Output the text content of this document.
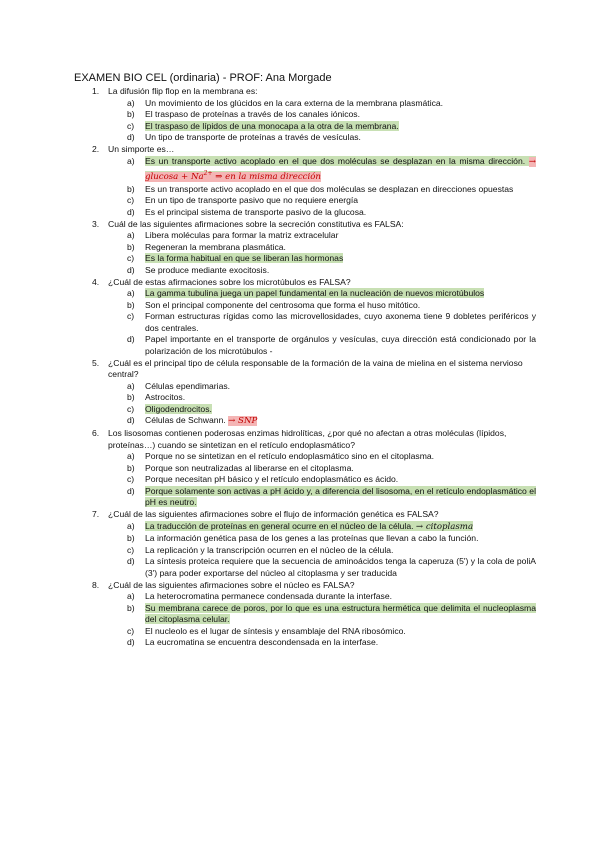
EXAMEN BIO CEL (ordinaria) - PROF: Ana Morgade
1. La difusión flip flop en la membrana es:
a) Un movimiento de los glúcidos en la cara externa de la membrana plasmática.
b) El traspaso de proteínas a través de los canales iónicos.
c) El traspaso de lípidos de una monocapa a la otra de la membrana.
d) Un tipo de transporte de proteínas a través de vesículas.
2. Un simporte es…
a) Es un transporte activo acoplado en el que dos moléculas se desplazan en la misma dirección. → $glucosa + Na^{2+}$ ⇒ en la misma dirección
b) Es un transporte activo acoplado en el que dos moléculas se desplazan en direcciones opuestas
c) En un tipo de transporte pasivo que no requiere energía
d) Es el principal sistema de transporte pasivo de la glucosa.
3. Cuál de las siguientes afirmaciones sobre la secreción constitutiva es FALSA:
a) Libera moléculas para formar la matriz extracelular
b) Regeneran la membrana plasmática.
c) Es la forma habitual en que se liberan las hormonas
d) Se produce mediante exocitosis.
4. ¿Cuál de estas afirmaciones sobre los microtúbulos es FALSA?
a) La gamma tubulina juega un papel fundamental en la nucleación de nuevos microtúbulos
b) Son el principal componente del centrosoma que forma el huso mitótico.
c) Forman estructuras rígidas como las microvellosidades, cuyo axonema tiene 9 dobletes periféricos y dos centrales.
d) Papel importante en el transporte de orgánulos y vesículas, cuya dirección está condicionado por la polarización de los microtúbulos -
5. ¿Cuál es el principal tipo de célula responsable de la formación de la vaina de mielina en el sistema nervioso central?
a) Células ependimarias.
b) Astrocitos.
c) Oligodendrocitos.
d) Células de Schwann. → SNP
6. Los lisosomas contienen poderosas enzimas hidrolíticas, ¿por qué no afectan a otras moléculas (lípidos, proteínas…) cuando se sintetizan en el retículo endoplasmático?
a) Porque no se sintetizan en el retículo endoplasmático sino en el citoplasma.
b) Porque son neutralizadas al liberarse en el citoplasma.
c) Porque necesitan pH básico y el retículo endoplasmático es ácido.
d) Porque solamente son activas a pH ácido y, a diferencia del lisosoma, en el retículo endoplasmático el pH es neutro.
7. ¿Cuál de las siguientes afirmaciones sobre el flujo de información genética es FALSA?
a) La traducción de proteínas en general ocurre en el núcleo de la célula. → citoplasma
b) La información genética pasa de los genes a las proteínas que llevan a cabo la función.
c) La replicación y la transcripción ocurren en el núcleo de la célula.
d) La síntesis proteica requiere que la secuencia de aminoácidos tenga la caperuza (5') y la cola de poliA (3') para poder exportarse del núcleo al citoplasma y ser traducida
8. ¿Cuál de las siguientes afirmaciones sobre el núcleo es FALSA?
a) La heterocromatina permanece condensada durante la interfase.
b) Su membrana carece de poros, por lo que es una estructura hermética que delimita el nucleoplasma del citoplasma celular.
c) El nucleolo es el lugar de síntesis y ensamblaje del RNA ribosómico.
d) La eucromatina se encuentra descondensada en la interfase.
